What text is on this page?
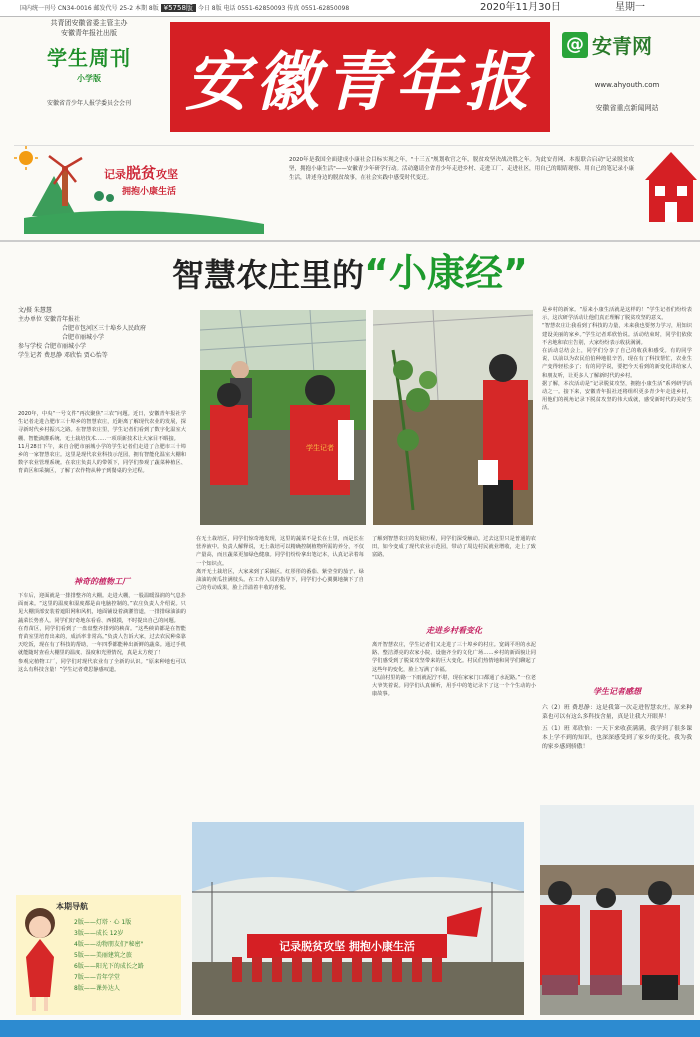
国内统一刊号 CN34-0016 邮发代号 25-2 本期 8版 ¥5758版 今日 8版 电话 0551-62850093 传真 0551-62850098	2020年11月30日	星期一
共青团安徽省委主管主办
安徽青年报社出版
学生周刊
小学版
安徽省青少年人报学委员会会刊 安徽青年报
@ 安青网
www.ahyouth.com
安徽省重点新闻网站
记录脱贫攻坚
拥抱小康生活
2020年是我国全面建成小康社会目标实现之年，"十三五"规划收官之年，脱贫攻坚决战决胜之年。为此安青网、本报联合启动"记录脱贫攻坚，拥抱小康生活"——安徽青少年研学行动。活动邀请全省青少年走进乡村、走进工厂、走进社区，用自己的眼睛观察、用自己的笔记录小康生活，讲述身边的脱贫故事，在社会实践中感受时代变迁。
智慧农庄里的“小康经”
文/摄 朱慧慧
主办单位 安徽青年报社
合肥市包河区三十埠乡人民政府
合肥市丽城小学
参与学校 合肥市丽城小学
学生记者 费思静 邓欣怡 贾心怡等

2020年，中央“一号文件”再次聚焦“三农”问题。近日，安徽青年报社学生记者走进合肥市三十埠乡的智慧农庄，近距离了解现代农业的发展，探寻新时代乡村振兴之路。在智慧农庄里，学生记者们看到了数字化温室大棚、智能滴灌系统、无土栽培技术……一项项新技术让大家目不暇接。

11月28日下午，来自合肥市丽城小学的学生记者们走进了合肥市三十埠乡的一家智慧农庄。这里是现代农业科技示范园，拥有智能化温室大棚和数字农业管理系统。在农庄负责人的带领下，同学们参观了蔬菜种植区、育苗区和采摘区，了解了农作物从种子到餐桌的全过程。

神奇的植物工厂

下车后，迎面就是一排排整齐的大棚。走进大棚，一股温暖湿润的气息扑面而来。“这里的温度和湿度都是由电脑控制的。”农庄负责人介绍说。只见大棚顶部安装着遮阳网和风机，地面铺设着滴灌管道，一排排绿油油的蔬菜长势喜人。同学们好奇地东看看、西摸摸，不时提出自己的问题。

在育苗区，同学们看到了一盘盘整齐排列的秧苗。“这些秧苗都是在智能育苗室里培育出来的，成活率非常高。”负责人告诉大家，过去农民种菜靠天吃饭，现在有了科技的帮助，一年四季都能种出新鲜的蔬菜。通过手机就能随时查看大棚里的温度、湿度和光照情况，真是太方便了！

参观完植物工厂，同学们对现代农业有了全新的认识。“原来种地也可以这么有科技含量！”学生记者费思静感叹道。

学生记者

在无土栽培区，同学们惊奇地发现，这里的蔬菜不是长在土里，而是长在营养液中。负责人解释说，无土栽培可以精确控制植物所需的养分，不仅产量高，而且蔬菜更加绿色健康。同学们纷纷拿出笔记本，认真记录着每一个知识点。

离开无土栽培区，大家来到了采摘区。红彤彤的番茄、紫莹莹的茄子、绿油油的黄瓜挂满枝头。在工作人员的指导下，同学们小心翼翼地摘下了自己的劳动成果，脸上洋溢着丰收的喜悦。

了解到智慧农庄的发展历程，同学们深受触动。过去这里只是普通的农田，如今变成了现代农业示范园，带动了周边村民就业增收，走上了致富路。

走进乡村看变化

离开智慧农庄，学生记者们又走进了三十埠乡的村庄。宽阔平坦的水泥路、整洁漂亮的农家小院、设施齐全的文化广场……乡村的新面貌让同学们感受到了脱贫攻坚带来的巨大变化。村民们热情地和同学们聊起了这些年的变化，脸上写满了幸福。

“以前村里的路一下雨就泥泞不堪，现在家家门口都通了水泥路。”一位老大爷笑着说。同学们认真倾听，用手中的笔记录下了这一个个生动的小康故事。

是乡村的新家。“原来小康生活就是这样的！”学生记者们纷纷表示，这次研学活动让他们真正理解了脱贫攻坚的意义。

“智慧农庄让我看到了科技的力量，未来我也要努力学习，用知识建设美丽的家乡。”学生记者邓欣怡说。活动结束时，同学们依依不舍地和农庄告别，大家纷纷表示收获满满。

在活动总结会上，同学们分享了自己的收获和感受。有的同学说，以前以为农民伯伯种地很辛苦，现在有了科技帮忙，农业生产变得轻松多了；有的同学说，要把今天看到的新变化讲给家人和朋友听，让更多人了解新时代的乡村。

据了解，本次活动是“记录脱贫攻坚，拥抱小康生活”系列研学活动之一。接下来，安徽青年报社还将组织更多青少年走进乡村，用他们的视角记录下脱贫攻坚的伟大成就，感受新时代的美好生活。

学生记者感想

六（2）班 费思静：这是我第一次走进智慧农庄，原来种菜也可以有这么多科技含量，真是让我大开眼界！

五（1）班 邓欣怡：一天下来收获满满，我学到了很多课本上学不到的知识，也深深感受到了家乡的变化，我为我的家乡感到骄傲！

记录脱贫攻坚 拥抱小康生活
本期导航
2版——灯塔 · 心 1版
3版——成长 12岁
4版——动物朋友们"秘密"
5版——美丽建筑之旅
6版——阳光下的成长之路
7版——青年学堂
8版——课外达人
